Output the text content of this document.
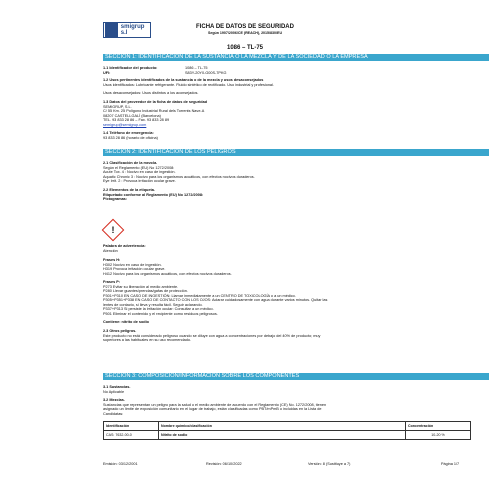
smigrup s.l
FICHA DE DATOS DE SEGURIDAD
Según 1907/2006/CE (REACH), 2015/830/EU
1086 – TL-75
SECCIÓN 1: IDENTIFICACIÓN DE LA SUSTANCIA O LA MEZCLA Y DE LA SOCIEDAD O LA EMPRESA
1.1 Identificador del producto:	1086 – TL-75
UFI:	S83Y-20Y0-G00S-7PKG
1.2 Usos pertinentes identificados de la sustancia o de la mezcla y usos desaconsejados
Usos identificados: Lubricante refrigerante. Fluido sintético de rectificado. Uso industrial y profesional.
Usos desaconsejados: Usos distintos a los aconsejados.
1.3 Datos del proveedor de la ficha de datos de seguridad
SEMIGRUP, S.L.
C/ 55 Km. 25 Polígono Industrial Rural dels Torrents Nave-A
08207 CASTELLGALÍ (Barcelona)
TEL. 93 833 28 86 – Fax. 93 833 28 89
semigrup@semigrup.com
1.4 Teléfono de emergencia:
93 833 28 86 (horario de oficina)
SECCIÓN 2: IDENTIFICACIÓN DE LOS PELIGROS
2.1 Clasificación de la mezcla.
Según el Reglamento (EU) No 1272/2008:
Acute Tox. 4 : Nocivo en caso de ingestión.
Aquatic Chronic 3 : Nocivo para los organismos acuáticos, con efectos nocivos duraderos.
Eye Irrit. 2 : Provoca irritación ocular grave.
2.2 Elementos de la etiqueta.
Etiquetado conforme al Reglamento (EU) No 1272/2008:
Pictogramas:
!
Palabra de advertencia:
Atención
Frases H:
H302 Nocivo en caso de ingestión.
H319 Provoca irritación ocular grave.
H412 Nocivo para los organismos acuáticos, con efectos nocivos duraderos.
Frases P:
P273 Evitar su liberación al medio ambiente.
P280 Llevar guantes/prendas/gafas de protección.
P301+P310 EN CASO DE INGESTIÓN: Llamar inmediatamente a un CENTRO DE TOXICOLOGÍA o a un médico.
P305+P351+P338 EN CASO DE CONTACTO CON LOS OJOS: Aclarar cuidadosamente con agua durante varios minutos. Quitar las
lentes de contacto, si lleva y resulta fácil. Seguir aclarando.
P337+P313 Si persiste la irritación ocular: Consultar a un médico.
P501 Eliminar el contenido y el recipiente como residuos peligrosos.
Contiene: nitrito de sodio
2.3 Otros peligros.
Este producto no está considerado peligroso cuando se diluye con agua a concentraciones por debajo del 40% de producto; muy
superiores a las habituales en su uso recomendado.
SECCIÓN 3: COMPOSICIÓN/INFORMACIÓN SOBRE LOS COMPONENTES
3.1 Sustancias.
No Aplicable
3.2 Mezclas.
Sustancias que representan un peligro para la salud o el medio ambiente de acuerdo con el Reglamento (CE) No. 1272/2008, tienen
asignado un límite de exposición comunitario en el lugar de trabajo, están clasificadas como PBT/mPmB o incluidas en la Lista de
Candidatas:
Identificación	Nombre químico/clasificación	Concentración
CAS: 7632-00-0	Nitrito de sodio	10-20 %
Emisión: 03/12/2001	Revisión: 06/10/2022	Versión: 8 (Sustituye a 7)	Página 1/7
